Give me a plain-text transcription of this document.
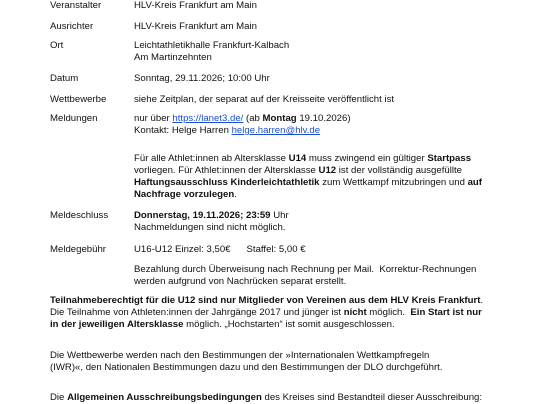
Veranstalter	HLV-Kreis Frankfurt am Main
Ausrichter	HLV-Kreis Frankfurt am Main
Ort	Leichtathletikhalle Frankfurt-Kalbach
Am Martinzehnten
Datum	Sonntag, 29.11.2026; 10:00 Uhr
Wettbewerbe	siehe Zeitplan, der separat auf der Kreisseite veröffentlicht ist
Meldungen	nur über https://lanet3.de/ (ab Montag 19.10.2026)
Kontakt: Helge Harren helge.harren@hlv.de
Für alle Athlet:innen ab Altersklasse U14 muss zwingend ein gültiger Startpass
vorliegen. Für Athlet:innen der Altersklasse U12 ist der vollständig ausgefüllte
Haftungsausschluss Kinderleichtathletik zum Wettkampf mitzubringen und auf
Nachfrage vorzulegen.
Meldeschluss	Donnerstag, 19.11.2026; 23:59 Uhr
Nachmeldungen sind nicht möglich.
Meldegebühr	U16-U12 Einzel: 3,50€      Staffel: 5,00 €
Bezahlung durch Überweisung nach Rechnung per Mail.  Korrektur-Rechnungen
werden aufgrund von Nachrücken separat erstellt.
Teilnahmeberechtigt für die U12 sind nur Mitglieder von Vereinen aus dem HLV Kreis Frankfurt.
Die Teilnahme von Athleten:innen der Jahrgänge 2017 und jünger ist nicht möglich.  Ein Start ist nur
in der jeweiligen Altersklasse möglich. „Hochstarten“ ist somit ausgeschlossen.
Die Wettbewerbe werden nach den Bestimmungen der »Internationalen Wettkampfregeln
(IWR)«, den Nationalen Bestimmungen dazu und den Bestimmungen der DLO durchgeführt.
Die Allgemeinen Ausschreibungsbedingungen des Kreises sind Bestandteil dieser Ausschreibung:
